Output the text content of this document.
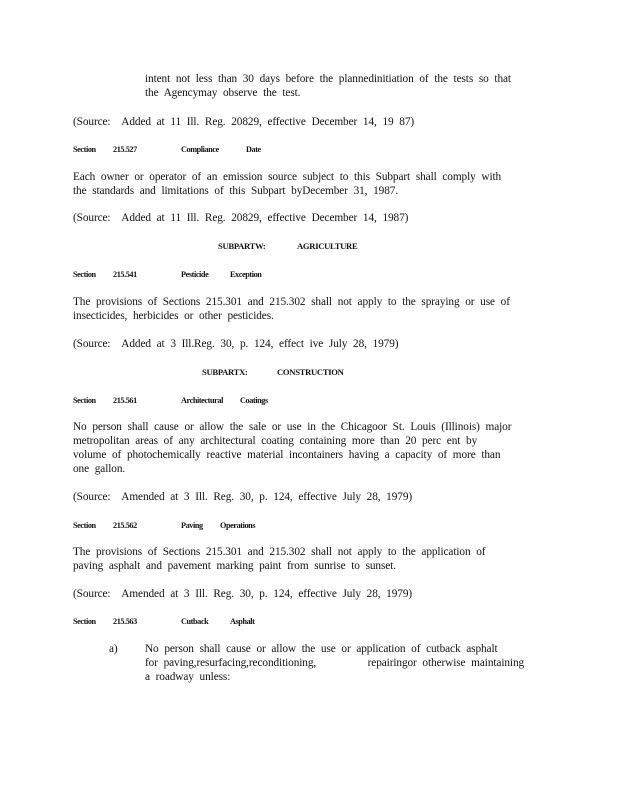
intent not less than 30 days before the plannedinitiation of the tests so that
the Agencymay observe the test.
(Source:  Added at 11 Ill. Reg. 20829, effective December 14, 19 87)
Section 215.527	Compliance	Date
Each owner or operator of an emission source subject to this Subpart shall comply with
the standards and limitations of this Subpart byDecember 31, 1987.
(Source:  Added at 11 Ill. Reg. 20829, effective December 14, 1987)
SUBPARTW:	AGRICULTURE
Section 215.541	Pesticide	Exception
The provisions of Sections 215.301 and 215.302 shall not apply to the spraying or use of
insecticides, herbicides or other pesticides.
(Source:  Added at 3 Ill.Reg. 30, p. 124, effect ive July 28, 1979)
SUBPARTX:	CONSTRUCTION
Section 215.561	Architectural Coatings
No person shall cause or allow the sale or use in the Chicagoor St. Louis (Illinois) major
metropolitan areas of any architectural coating containing more than 20 perc ent by
volume of photochemically reactive material incontainers having a capacity of more than
one gallon.
(Source:  Amended at 3 Ill. Reg. 30, p. 124, effective July 28, 1979)
Section 215.562	Paving Operations
The provisions of Sections 215.301 and 215.302 shall not apply to the application of
paving asphalt and pavement marking paint from sunrise to sunset.
(Source:  Amended at 3 Ill. Reg. 30, p. 124, effective July 28, 1979)
Section 215.563	Cutback	Asphalt
a) No person shall cause or allow the use or application of cutback asphalt
for paving,resurfacing,reconditioning,         repairingor otherwise maintaining
a roadway unless:
